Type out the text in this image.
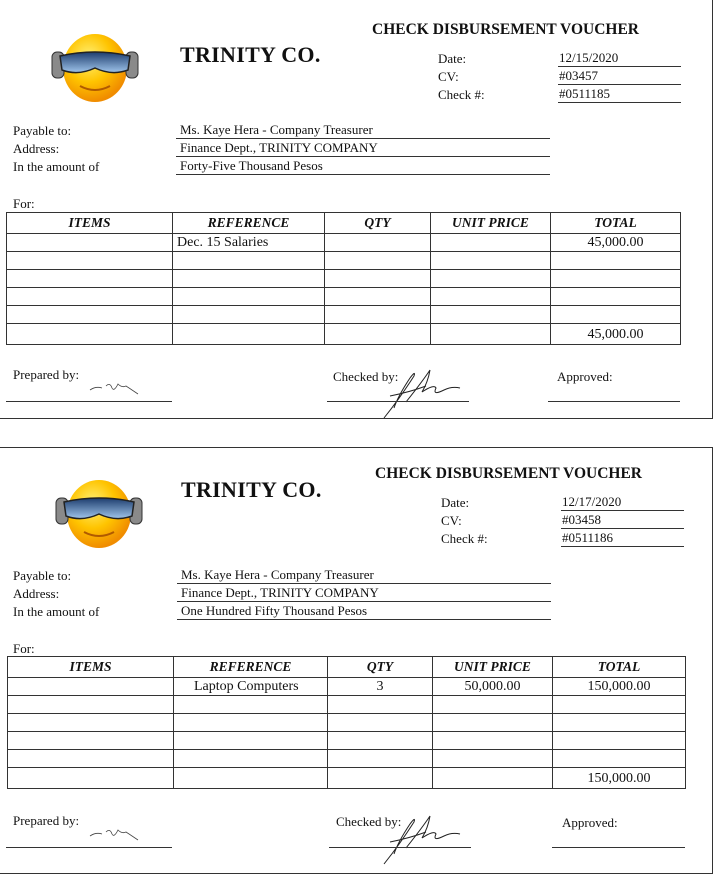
TRINITY CO.
CHECK DISBURSEMENT VOUCHER
Date:	12/15/2020
CV:	#03457
Check #:	#0511185
Payable to:	Ms. Kaye Hera - Company Treasurer
Address:	Finance Dept., TRINITY COMPANY
In the amount of	Forty-Five Thousand Pesos
For:
ITEMS	REFERENCE	QTY	UNIT PRICE	TOTAL
	Dec. 15 Salaries			45,000.00

				45,000.00
Prepared by:	Checked by:	Approved:
TRINITY CO.
CHECK DISBURSEMENT VOUCHER
Date:	12/17/2020
CV:	#03458
Check #:	#0511186
Payable to:	Ms. Kaye Hera - Company Treasurer
Address:	Finance Dept., TRINITY COMPANY
In the amount of	One Hundred Fifty Thousand Pesos
For:
ITEMS	REFERENCE	QTY	UNIT PRICE	TOTAL
	Laptop Computers	3	50,000.00	150,000.00

				150,000.00
Prepared by:	Checked by:	Approved:
